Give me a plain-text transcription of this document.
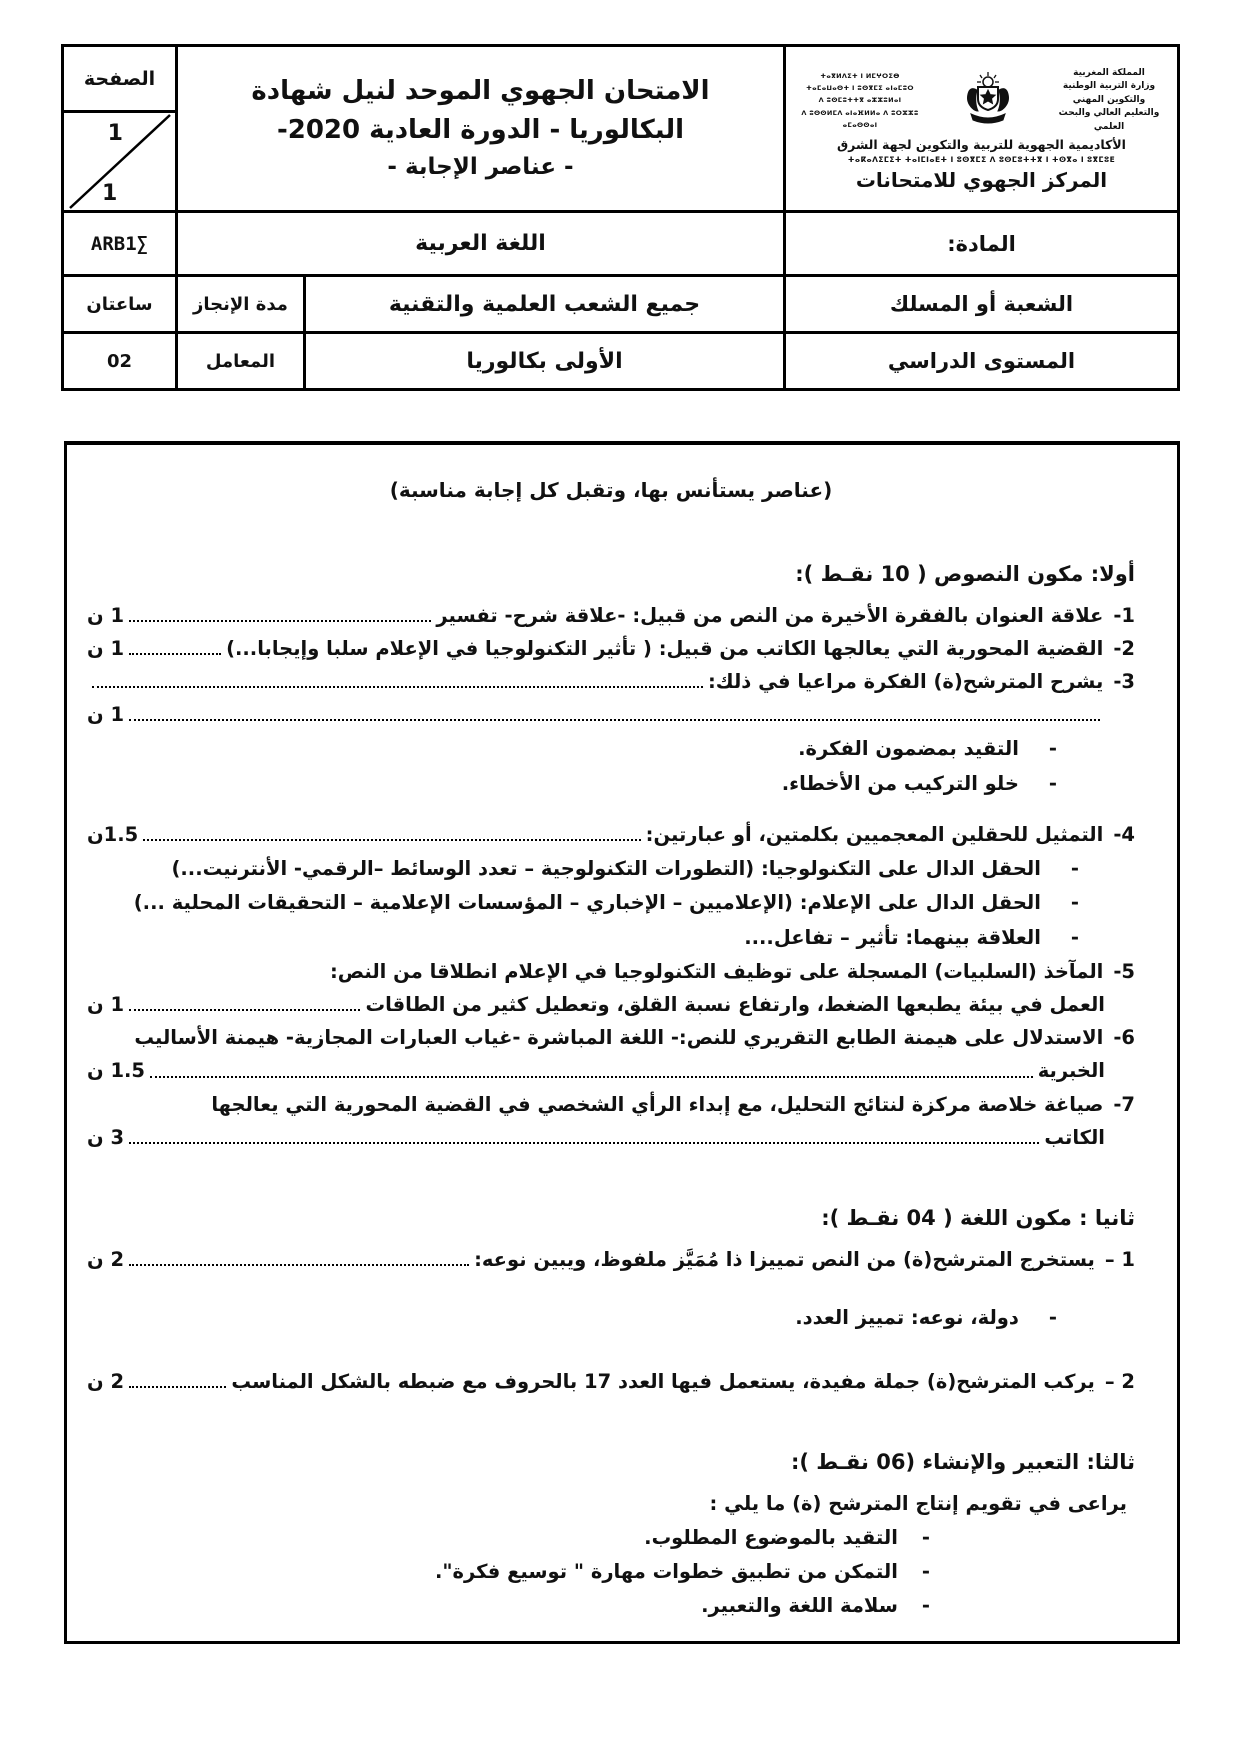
المملكة المغربية
وزارة التربية الوطنية
والتكوين المهني
والتعليم العالي والبحث العلمي
ⵜⴰⴳⵍⴷⵉⵜ ⵏ ⵍⵎⵖⵔⵉⴱ
ⵜⴰⵎⴰⵡⴰⵙⵜ ⵏ ⵓⵙⴳⵎⵉ ⴰⵏⴰⵎⵓⵔ
ⴷ ⵓⵙⵎⵓⵜⵜⴳ ⴰⵣⵣⵓⵍⴰⵏ
ⴷ ⵓⵙⵙⵍⵎⴷ ⴰⵏⴰⴼⵍⵍⴰ ⴷ ⵓⵔⵣⵣⵓ ⴰⵎⴰⵙⵙⴰⵏ
الأكاديمية الجهوية للتربية والتكوين لجهة الشرق
ⵜⴰⴽⴰⴷⵉⵎⵉⵜ ⵜⴰⵏⵎⵏⴰⴹⵜ ⵏ ⵓⵙⴳⵎⵉ ⴷ ⵓⵙⵎⵓⵜⵜⴳ ⵏ ⵜⵙⴳⴰ ⵏ ⵓⴳⵎⵓⴹ
المركز الجهوي للامتحانات

الامتحان الجهوي الموحد لنيل شهادة
البكالوريا - الدورة العادية 2020-
- عناصر الإجابة -

الصفحة
1
1

المادة:	اللغة العربية		∑ARB1
الشعبة أو المسلك	جميع الشعب العلمية والتقنية	مدة الإنجاز	ساعتان
المستوى الدراسي	الأولى بكالوريا	المعامل	02
(عناصر يستأنس بها، وتقبل كل إجابة مناسبة)
أولا: مكون النصوص ( 10 نقـط ):
1-
علاقة العنوان بالفقرة الأخيرة من النص من قبيل: -علاقة شرح- تفسير
1 ن
2-
القضية المحورية التي يعالجها الكاتب من قبيل: ( تأثير التكنولوجيا في الإعلام سلبا وإيجابا...)
1 ن
3-
يشرح المترشح(ة) الفكرة مراعيا في ذلك:
1 ن
-
التقيد بمضمون الفكرة.
-
خلو التركيب من الأخطاء.
4-
التمثيل للحقلين المعجميين بكلمتين، أو عبارتين:
1.5ن
-
الحقل الدال على التكنولوجيا: (التطورات التكنولوجية – تعدد الوسائط –الرقمي- الأنترنيت...)
-
الحقل الدال على الإعلام: (الإعلاميين – الإخباري – المؤسسات الإعلامية – التحقيقات المحلية ...)
-
العلاقة بينهما: تأثير – تفاعل....
5-
المآخذ (السلبيات) المسجلة على توظيف التكنولوجيا في الإعلام انطلاقا من النص:
العمل في بيئة يطبعها الضغط، وارتفاع نسبة القلق، وتعطيل كثير من الطاقات
1 ن
6-
الاستدلال على هيمنة الطابع التقريري للنص:- اللغة المباشرة -غياب العبارات المجازية- هيمنة الأساليب
الخبرية
1.5 ن
7-
صياغة خلاصة مركزة لنتائج التحليل، مع إبداء الرأي الشخصي في القضية المحورية التي يعالجها
الكاتب
3 ن
ثانيا : مكون اللغة ( 04 نقـط ):
1 –
يستخرج المترشح(ة) من النص تمييزا ذا مُمَيَّز ملفوظ، ويبين نوعه:
2 ن
-
دولة، نوعه: تمييز العدد.
2 –
يركب المترشح(ة) جملة مفيدة، يستعمل فيها العدد 17 بالحروف مع ضبطه بالشكل المناسب
2 ن
ثالثا: التعبير والإنشاء (06 نقـط ):
يراعى في تقويم إنتاج المترشح (ة) ما يلي :
-
التقيد بالموضوع المطلوب.
-
التمكن من تطبيق خطوات مهارة " توسيع فكرة".
-
سلامة اللغة والتعبير.
